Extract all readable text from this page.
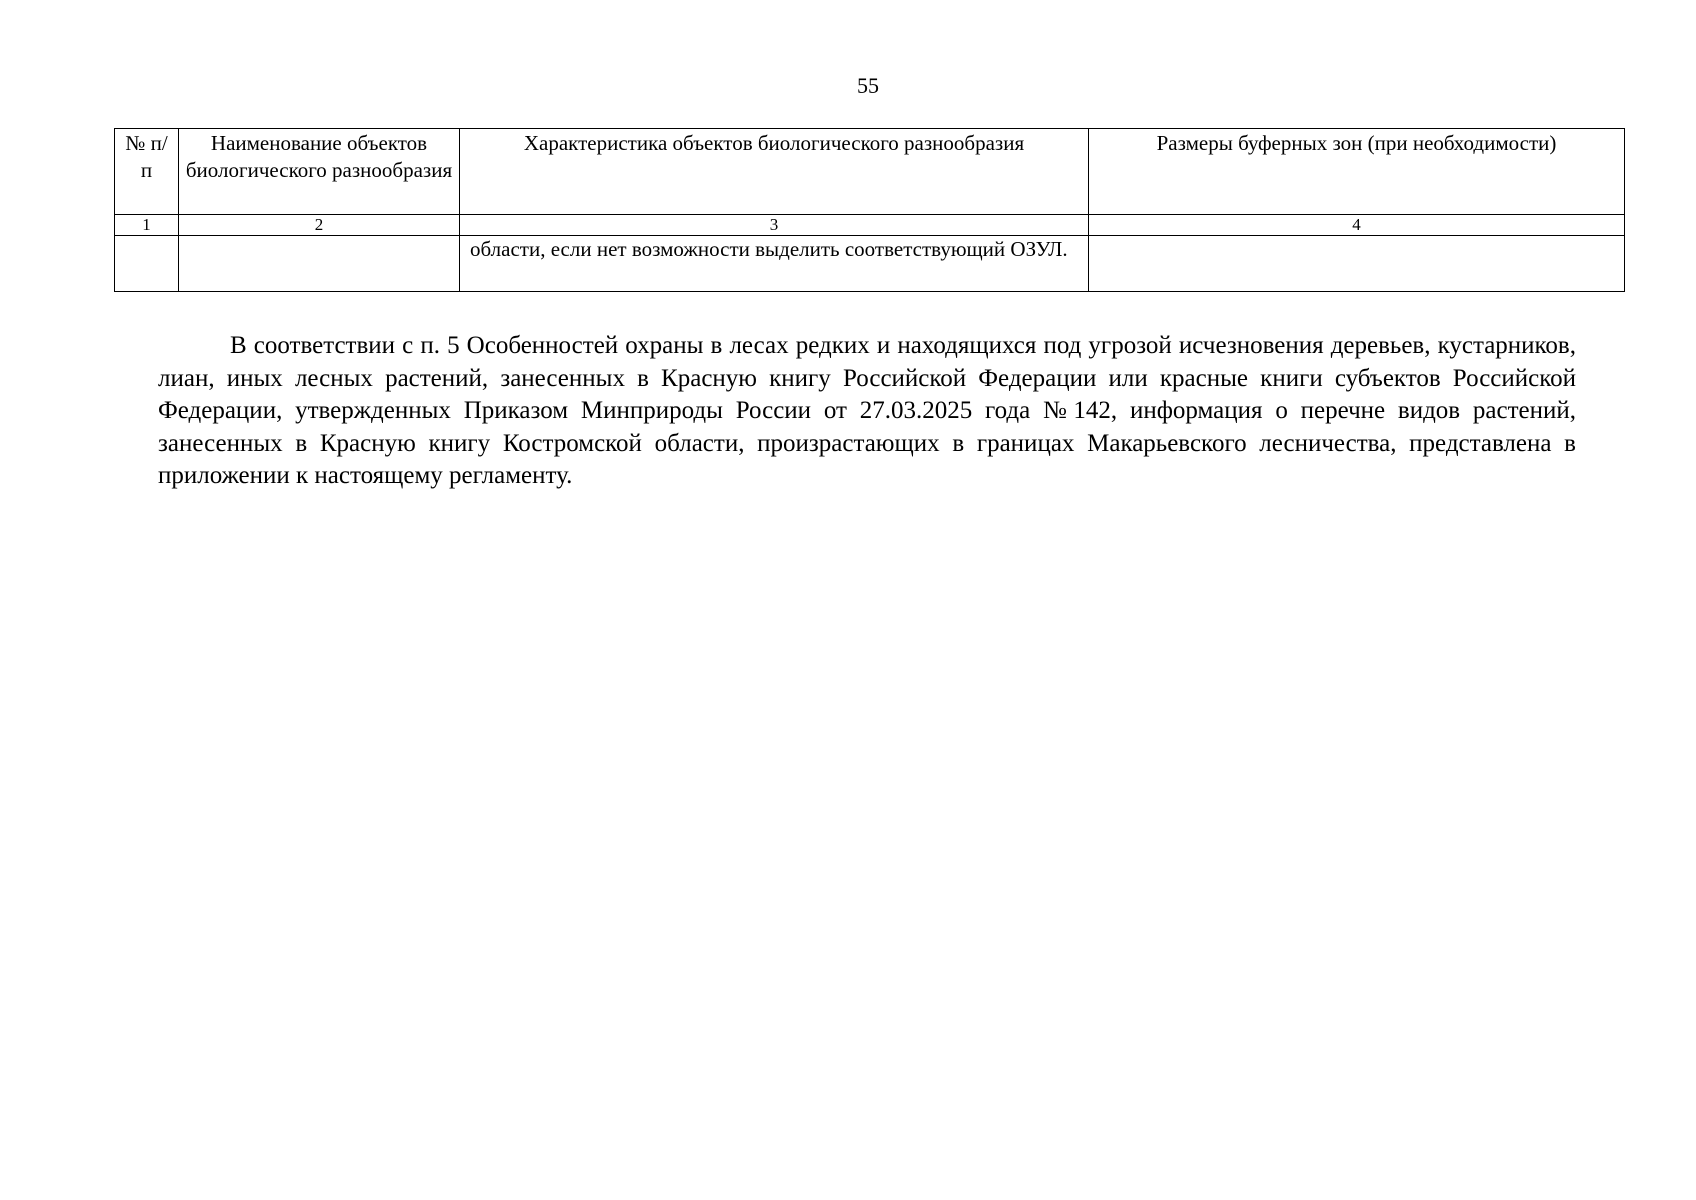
55
№ п/п	Наименование объектов биологического разнообразия	Характеристика объектов биологического разнообразия	Размеры буферных зон (при необходимости)
1	2	3	4
		области, если нет возможности выделить соответствующий ОЗУЛ.	

В соответствии с п. 5 Особенностей охраны в лесах редких и находящихся под угрозой исчезновения деревьев, кустарников, лиан, иных лесных растений, занесенных в Красную книгу Российской Федерации или красные книги субъектов Российской Федерации, утвержденных Приказом Минприроды России от 27.03.2025 года №142, информация о перечне видов растений, занесенных в Красную книгу Костромской области, произрастающих в границах Макарьевского лесничества, представлена в приложении к настоящему регламенту.
